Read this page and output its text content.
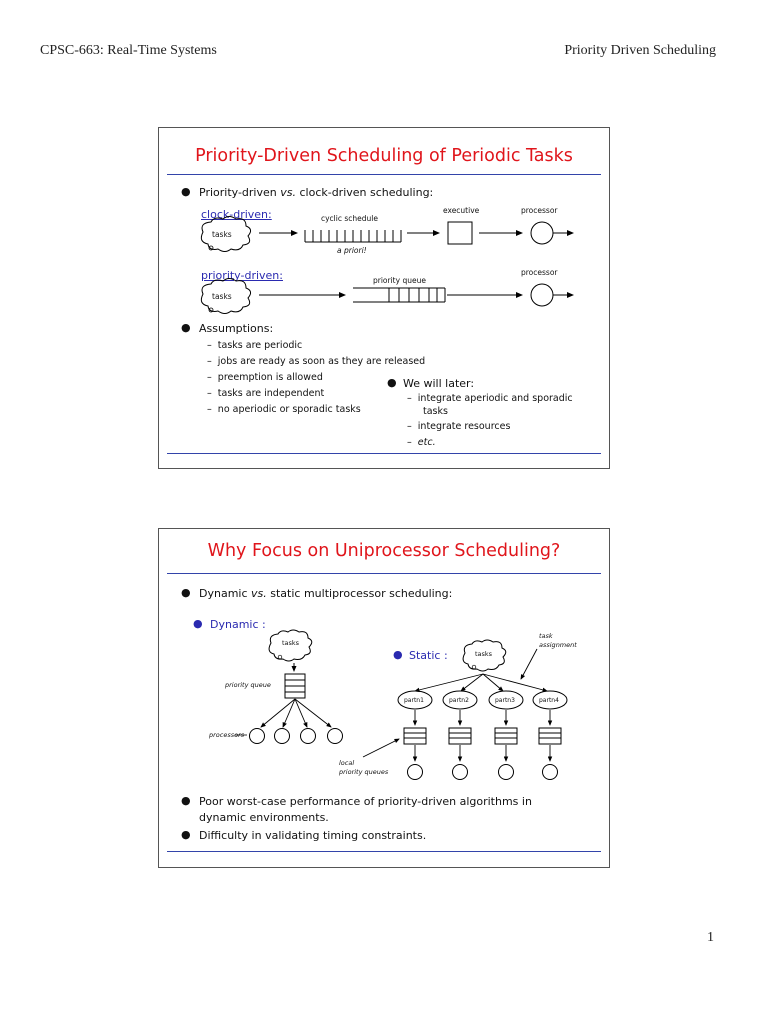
CPSC-663: Real-Time Systems	Priority Driven Scheduling
Priority-Driven Scheduling of Periodic Tasks
● Priority-driven vs. clock-driven scheduling:
clock-driven:	cyclic schedule
executive	processor
a priori!
tasks
priority-driven:	priority queue
processor
tasks
● Assumptions:
–  tasks are periodic
–  jobs are ready as soon as they are released
–  preemption is allowed
–  tasks are independent
–  no aperiodic or sporadic tasks
● We will later:
–  integrate aperiodic and sporadic
tasks
–  integrate resources
–  etc.
Why Focus on Uniprocessor Scheduling?
● Dynamic vs. static multiprocessor scheduling:
● Dynamic :
● Static :
tasks
tasks
priority queue
processors
task
assignment
partn1	partn2	partn3	partn4
local
priority queues
● Poor worst-case performance of priority-driven algorithms in
dynamic environments.
● Difficulty in validating timing constraints.
1
